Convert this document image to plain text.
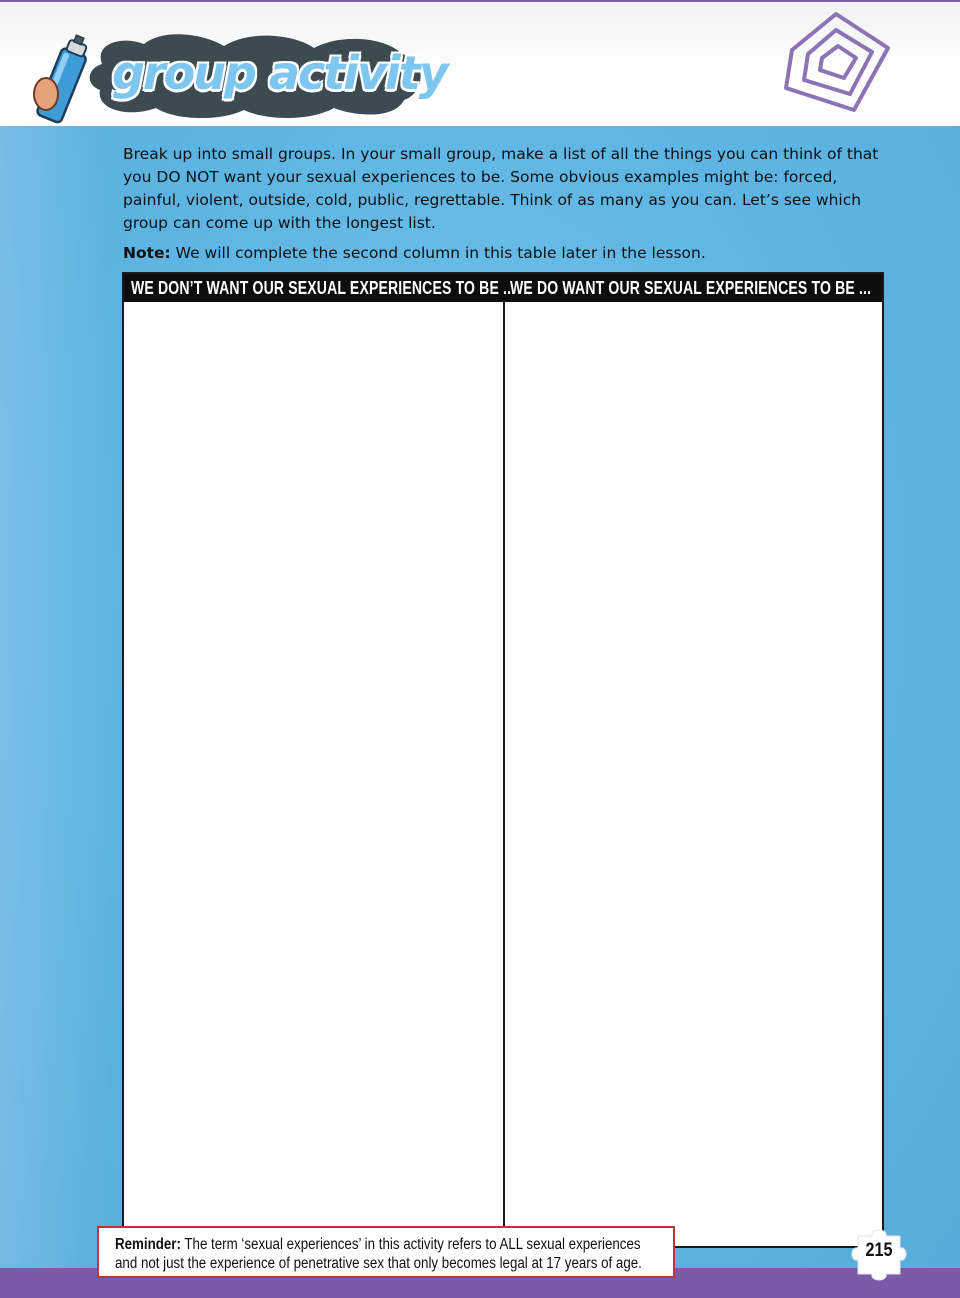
group activity

Break up into small groups. In your small group, make a list of all the things you can think of that you DO NOT want your sexual experiences to be. Some obvious examples might be: forced, painful, violent, outside, cold, public, regrettable. Think of as many as you can. Let’s see which group can come up with the longest list.

Note: We will complete the second column in this table later in the lesson.

WE DON’T WANT OUR SEXUAL EXPERIENCES TO BE ...
WE DO WANT OUR SEXUAL EXPERIENCES TO BE ...

Reminder: The term ‘sexual experiences’ in this activity refers to ALL sexual experiences

and not just the experience of penetrative sex that only becomes legal at 17 years of age.

215
